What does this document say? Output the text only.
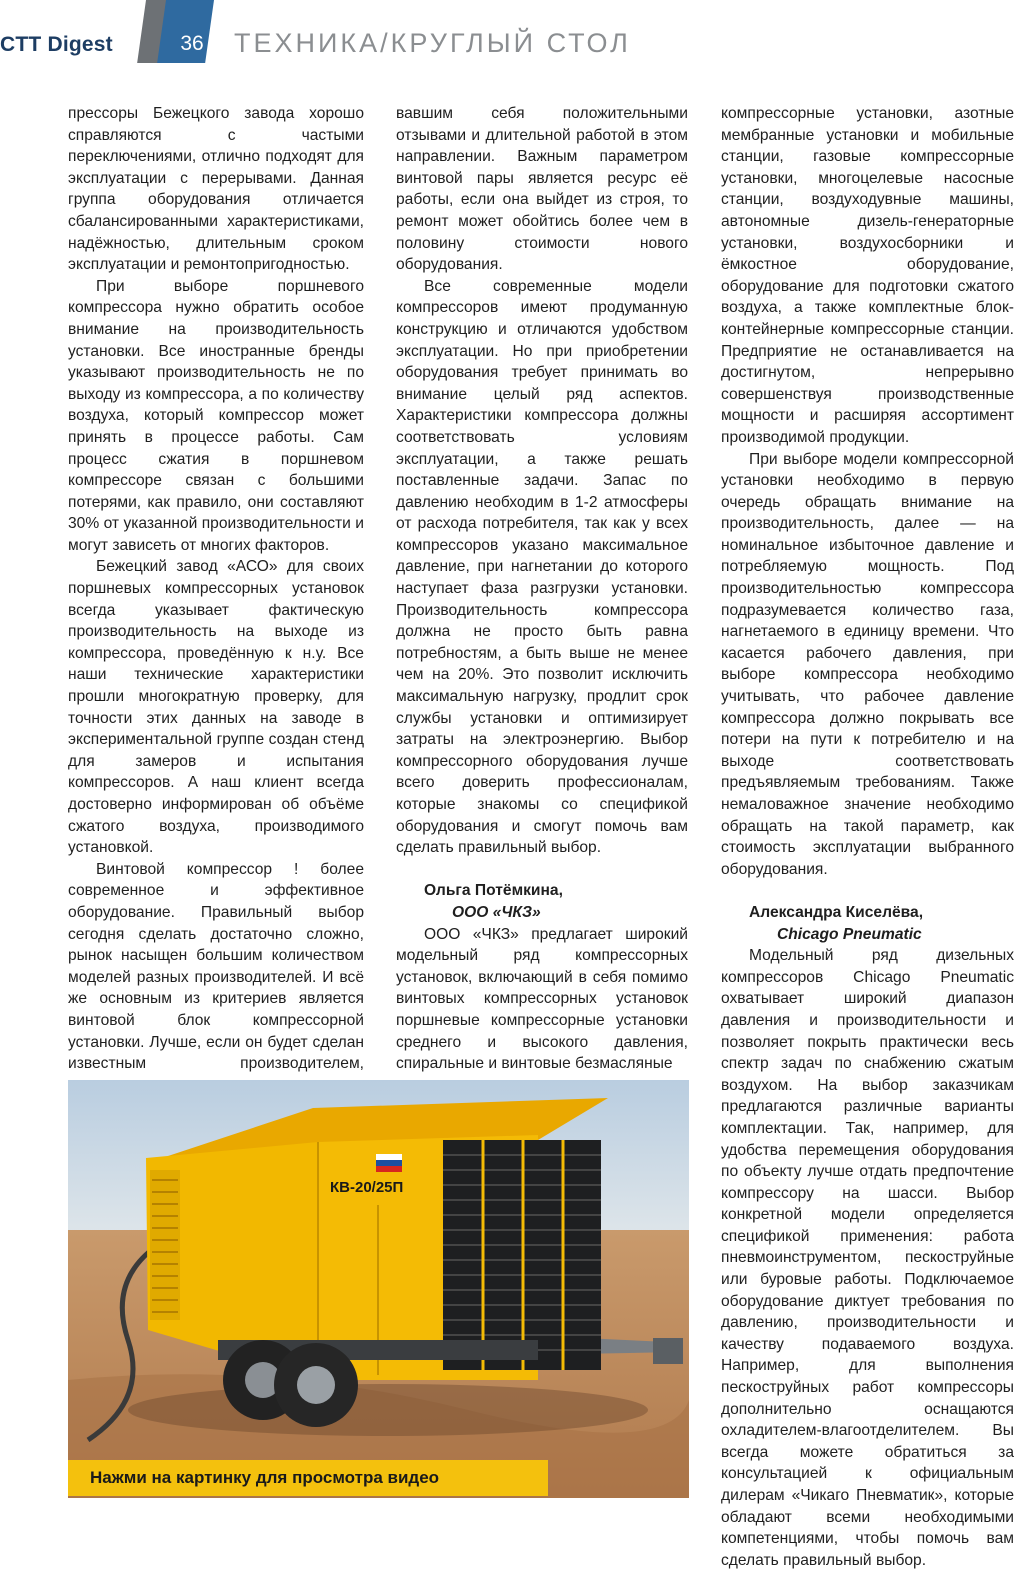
CTT Digest	36 ТЕХНИКА/КРУГЛЫЙ СТОЛ

прессоры Бежецкого завода хорошо справляются с частыми переключениями, отлично подходят для эксплуатации с перерывами. Данная группа оборудования отличается сбалансированными характеристиками, надёжностью, длительным сроком эксплуатации и ремонтопригодностью.

При выборе поршневого компрессора нужно обратить особое внимание на производительность установки. Все иностранные бренды указывают производительность не по выходу из компрессора, а по количеству воздуха, который компрессор может принять в процессе работы. Сам процесс сжатия в поршневом компрессоре связан с большими потерями, как правило, они составляют 30% от указанной производительности и могут зависеть от многих факторов.

Бежецкий завод «АСО» для своих поршневых компрессорных установок всегда указывает фактическую производительность на выходе из компрессора, проведённую к н.у. Все наши технические характеристики прошли многократную проверку, для точности этих данных на заводе в экспериментальной группе создан стенд для замеров и испытания компрессоров. А наш клиент всегда достоверно информирован об объёме сжатого воздуха, производимого установкой.

Винтовой компрессор ! более современное и эффективное оборудование. Правильный выбор сегодня сделать достаточно сложно, рынок насыщен большим количеством моделей разных производителей. И всё же основным из критериев является винтовой блок компрессорной установки. Лучше, если он будет сделан известным производителем,

вавшим себя положительными отзывами и длительной работой в этом направлении. Важным параметром винтовой пары является ресурс её работы, если она выйдет из строя, то ремонт может обойтись более чем в половину стоимости нового оборудования.

Все современные модели компрессоров имеют продуманную конструкцию и отличаются удобством эксплуатации. Но при приобретении оборудования требует принимать во внимание целый ряд аспектов. Характеристики компрессора должны соответствовать условиям эксплуатации, а также решать поставленные задачи. Запас по давлению необходим в 1-2 атмосферы от расхода потребителя, так как у всех компрессоров указано максимальное давление, при нагнетании до которого наступает фаза разгрузки установки. Производительность компрессора должна не просто быть равна потребностям, а быть выше не менее чем на 20%. Это позволит исключить максимальную нагрузку, продлит срок службы установки и оптимизирует затраты на электроэнергию. Выбор компрессорного оборудования лучше всего доверить профессионалам, которые знакомы со спецификой оборудования и смогут помочь вам сделать правильный выбор.

Ольга Потёмкина,

ООО «ЧКЗ»

ООО «ЧКЗ» предлагает широкий модельный ряд компрессорных установок, включающий в себя помимо винтовых компрессорных установок поршневые компрессорные установки среднего и высокого давления, спиральные и винтовые безмасляные

компрессорные установки, азотные мембранные установки и мобильные станции, газовые компрессорные установки, многоцелевые насосные станции, воздуходувные машины, автономные дизель-генераторные установки, воздухосборники и ёмкостное оборудование, оборудование для подготовки сжатого воздуха, а также комплектные блок-контейнерные компрессорные станции. Предприятие не останавливается на достигнутом, непрерывно совершенствуя производственные мощности и расширяя ассортимент производимой продукции.

При выборе модели компрессорной установки необходимо в первую очередь обращать внимание на производительность, далее — на номинальное избыточное давление и потребляемую мощность. Под производительностью компрессора подразумевается количество газа, нагнетаемого в единицу времени. Что касается рабочего давления, при выборе компрессора необходимо учитывать, что рабочее давление компрессора должно покрывать все потери на пути к потребителю и на выходе соответствовать предъявляемым требованиям. Также немаловажное значение необходимо обращать на такой параметр, как стоимость эксплуатации выбранного оборудования.

Александра Киселёва,

Chicago Pneumatic

Модельный ряд дизельных компрессоров Chicago Pneumatic охватывает широкий диапазон давления и производительности и позволяет покрыть практически весь спектр задач по снабжению сжатым воздухом. На выбор заказчикам предлагаются различные варианты комплектации. Так, например, для удобства перемещения оборудования по объекту лучше отдать предпочтение компрессору на шасси. Выбор конкретной модели определяется спецификой применения: работа пневмоинструментом, пескоструйные или буровые работы. Подключаемое оборудование диктует требования по давлению, производительности и качеству подаваемого воздуха. Например, для выполнения пескоструйных работ компрессоры дополнительно оснащаются охладителем-влагоотделителем. Вы всегда можете обратиться за консультацией к официальным дилерам «Чикаго Пневматик», которые обладают всеми необходимыми компетенциями, чтобы помочь вам сделать правильный выбор.

КВ-20/25П
Нажми на картинку для просмотра видео
